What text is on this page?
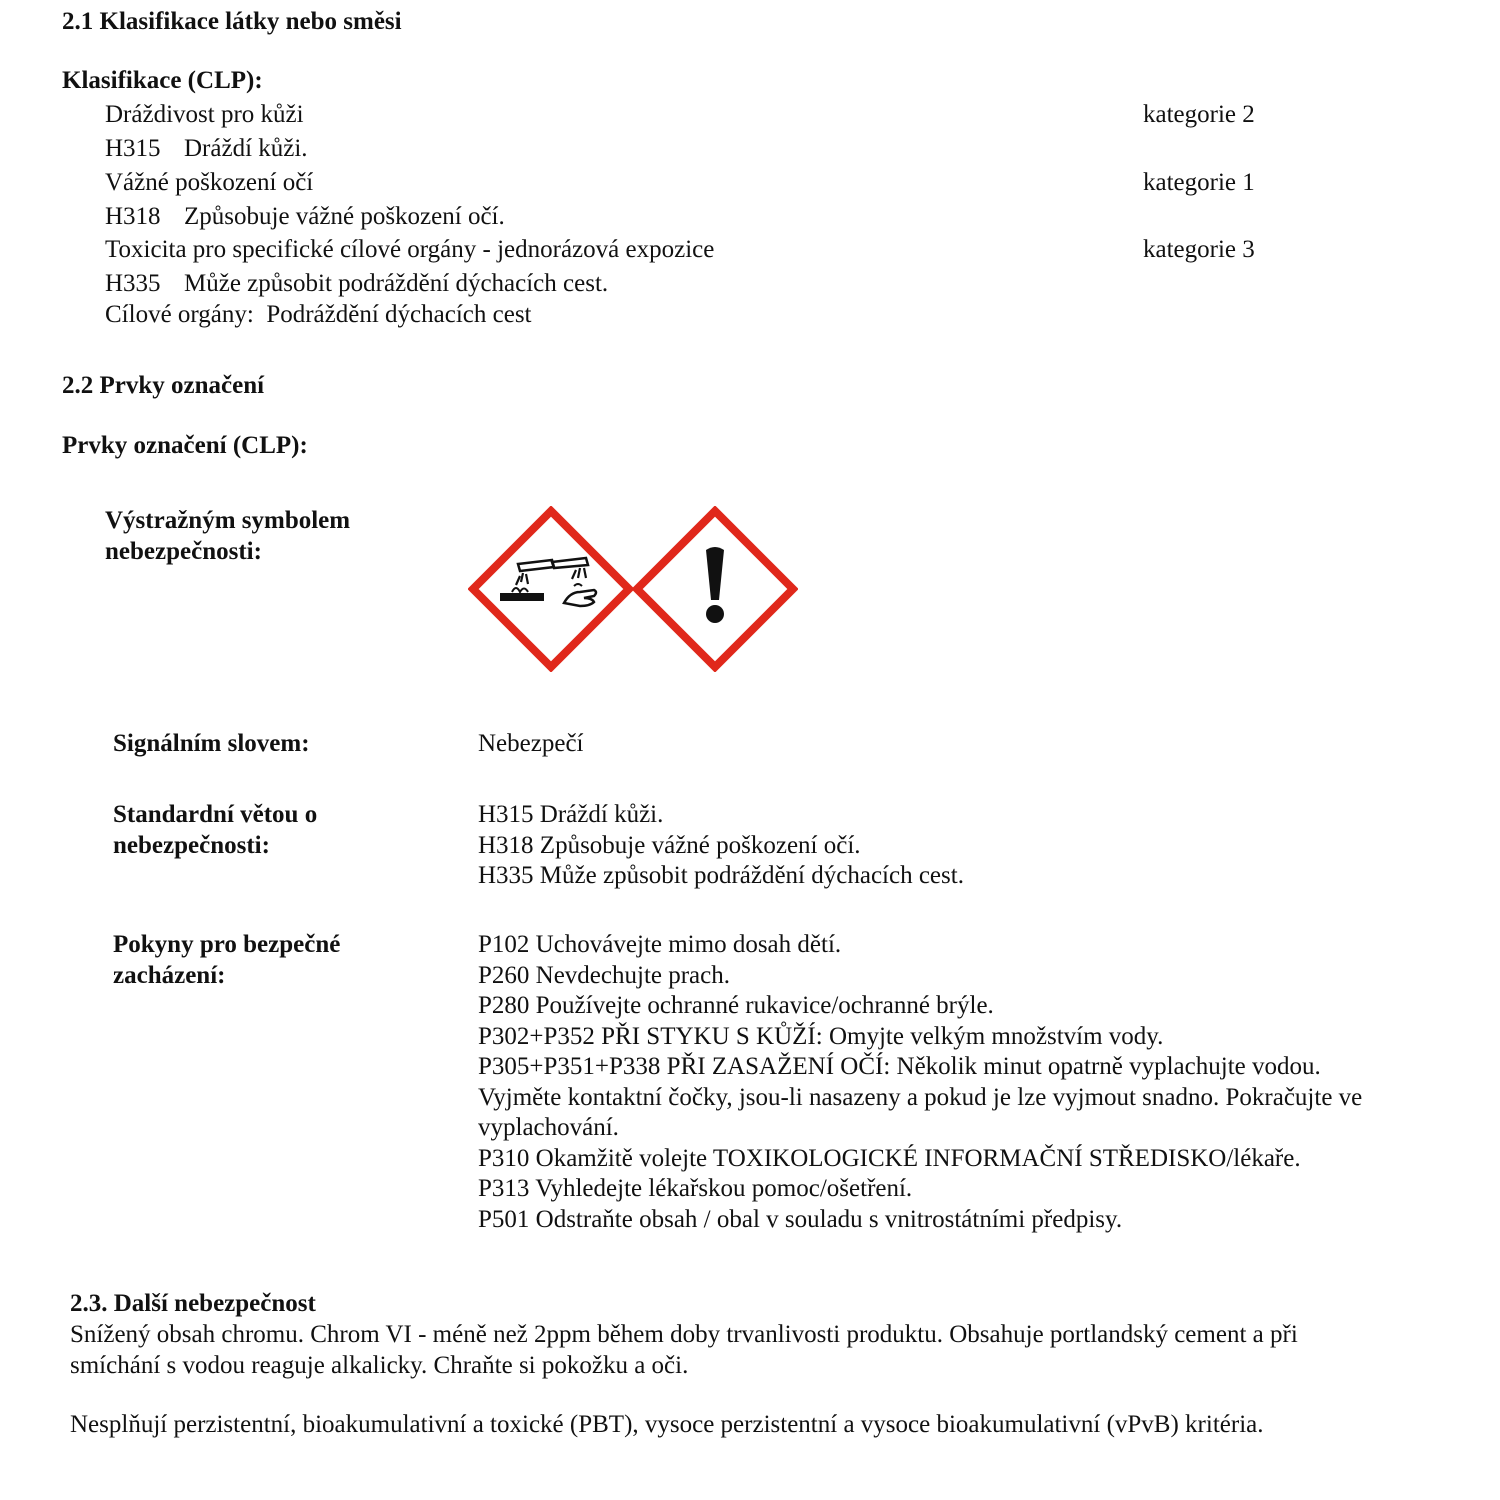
2.1 Klasifikace látky nebo směsi
Klasifikace (CLP):
Dráždivost pro kůži	kategorie 2
H315 Dráždí kůži.
Vážné poškození očí	kategorie 1
H318 Způsobuje vážné poškození očí.
Toxicita pro specifické cílové orgány - jednorázová expozice	kategorie 3
H335 Může způsobit podráždění dýchacích cest.
Cílové orgány:  Podráždění dýchacích cest
2.2 Prvky označení
Prvky označení (CLP):
Výstražným symbolem
nebezpečnosti:
Signálním slovem:	Nebezpečí
Standardní větou o
nebezpečnosti:
H315 Dráždí kůži.
H318 Způsobuje vážné poškození očí.
H335 Může způsobit podráždění dýchacích cest.
Pokyny pro bezpečné
zacházení:
P102 Uchovávejte mimo dosah dětí.
P260 Nevdechujte prach.
P280 Používejte ochranné rukavice/ochranné brýle.
P302+P352 PŘI STYKU S KŮŽÍ: Omyjte velkým množstvím vody.
P305+P351+P338 PŘI ZASAŽENÍ OČÍ: Několik minut opatrně vyplachujte vodou.
Vyjměte kontaktní čočky, jsou-li nasazeny a pokud je lze vyjmout snadno. Pokračujte ve
vyplachování.
P310 Okamžitě volejte TOXIKOLOGICKÉ INFORMAČNÍ STŘEDISKO/lékaře.
P313 Vyhledejte lékařskou pomoc/ošetření.
P501 Odstraňte obsah / obal v souladu s vnitrostátními předpisy.
2.3. Další nebezpečnost
Snížený obsah chromu. Chrom VI - méně než 2ppm během doby trvanlivosti produktu. Obsahuje portlandský cement a při
smíchání s vodou reaguje alkalicky. Chraňte si pokožku a oči.
Nesplňují perzistentní, bioakumulativní a toxické (PBT), vysoce perzistentní a vysoce bioakumulativní (vPvB) kritéria.
